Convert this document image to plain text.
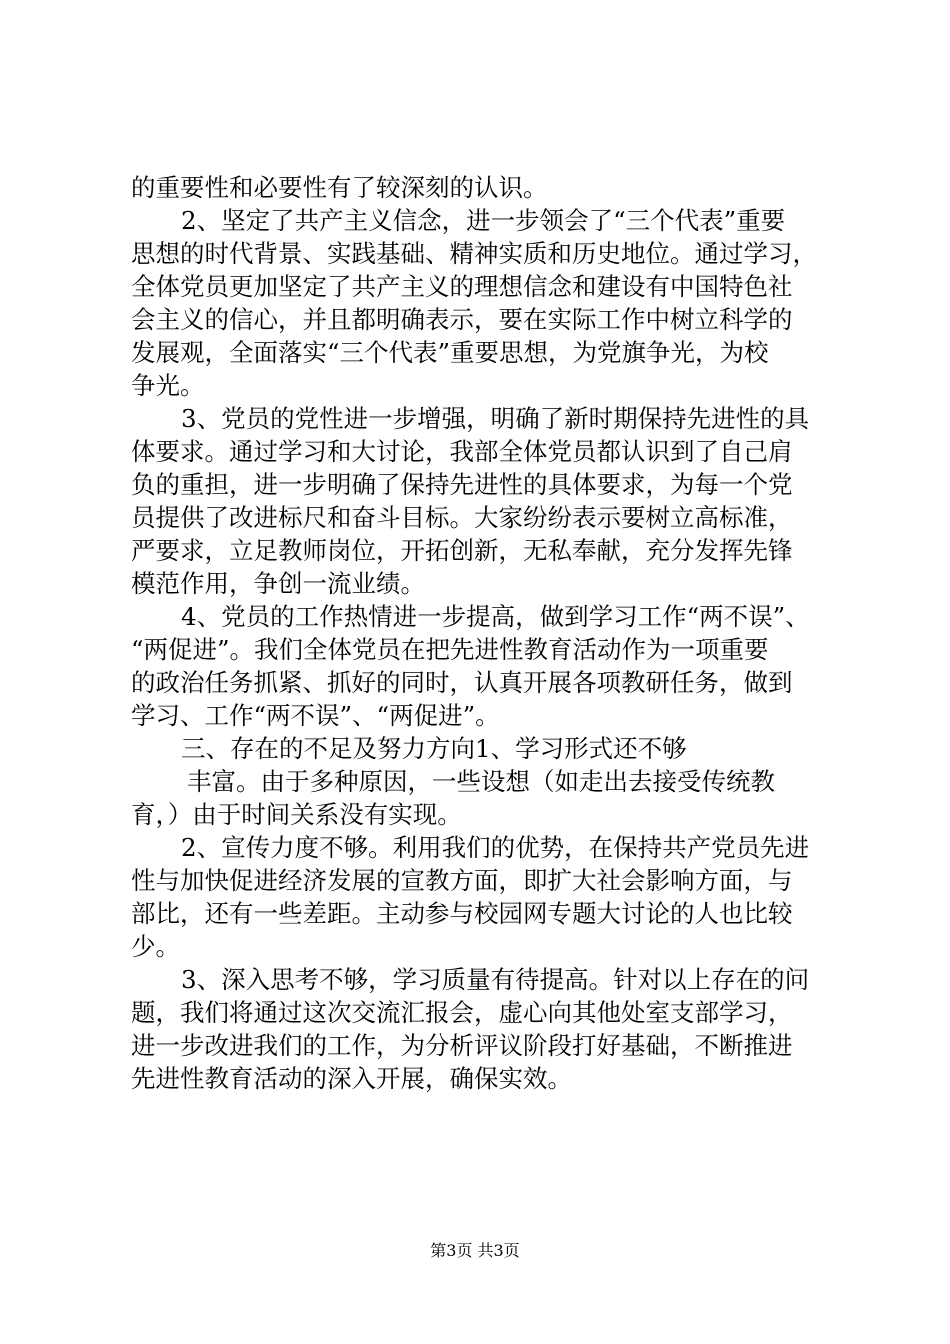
的重要性和必要性有了较深刻的认识。
2、坚定了共产主义信念，进一步领会了“三个代表”重要
思想的时代背景、实践基础、精神实质和历史地位。通过学习，
全体党员更加坚定了共产主义的理想信念和建设有中国特色社
会主义的信心，并且都明确表示，要在实际工作中树立科学的
发展观，全面落实“三个代表”重要思想，为党旗争光，为校
争光。
3、党员的党性进一步增强，明确了新时期保持先进性的具
体要求。通过学习和大讨论，我部全体党员都认识到了自己肩
负的重担，进一步明确了保持先进性的具体要求，为每一个党
员提供了改进标尺和奋斗目标。大家纷纷表示要树立高标准，
严要求，立足教师岗位，开拓创新，无私奉献，充分发挥先锋
模范作用，争创一流业绩。
4、党员的工作热情进一步提高，做到学习工作“两不误”、
“两促进”。我们全体党员在把先进性教育活动作为一项重要
的政治任务抓紧、抓好的同时，认真开展各项教研任务，做到
学习、工作“两不误”、“两促进”。
三、存在的不足及努力方向1、学习形式还不够
丰富。由于多种原因，一些设想（如走出去接受传统教
育，）由于时间关系没有实现。
2、宣传力度不够。利用我们的优势，在保持共产党员先进
性与加快促进经济发展的宣教方面，即扩大社会影响方面，与
部比，还有一些差距。主动参与校园网专题大讨论的人也比较
少。
3、深入思考不够，学习质量有待提高。针对以上存在的问
题，我们将通过这次交流汇报会，虚心向其他处室支部学习，
进一步改进我们的工作，为分析评议阶段打好基础，不断推进
先进性教育活动的深入开展，确保实效。
第3页 共3页
